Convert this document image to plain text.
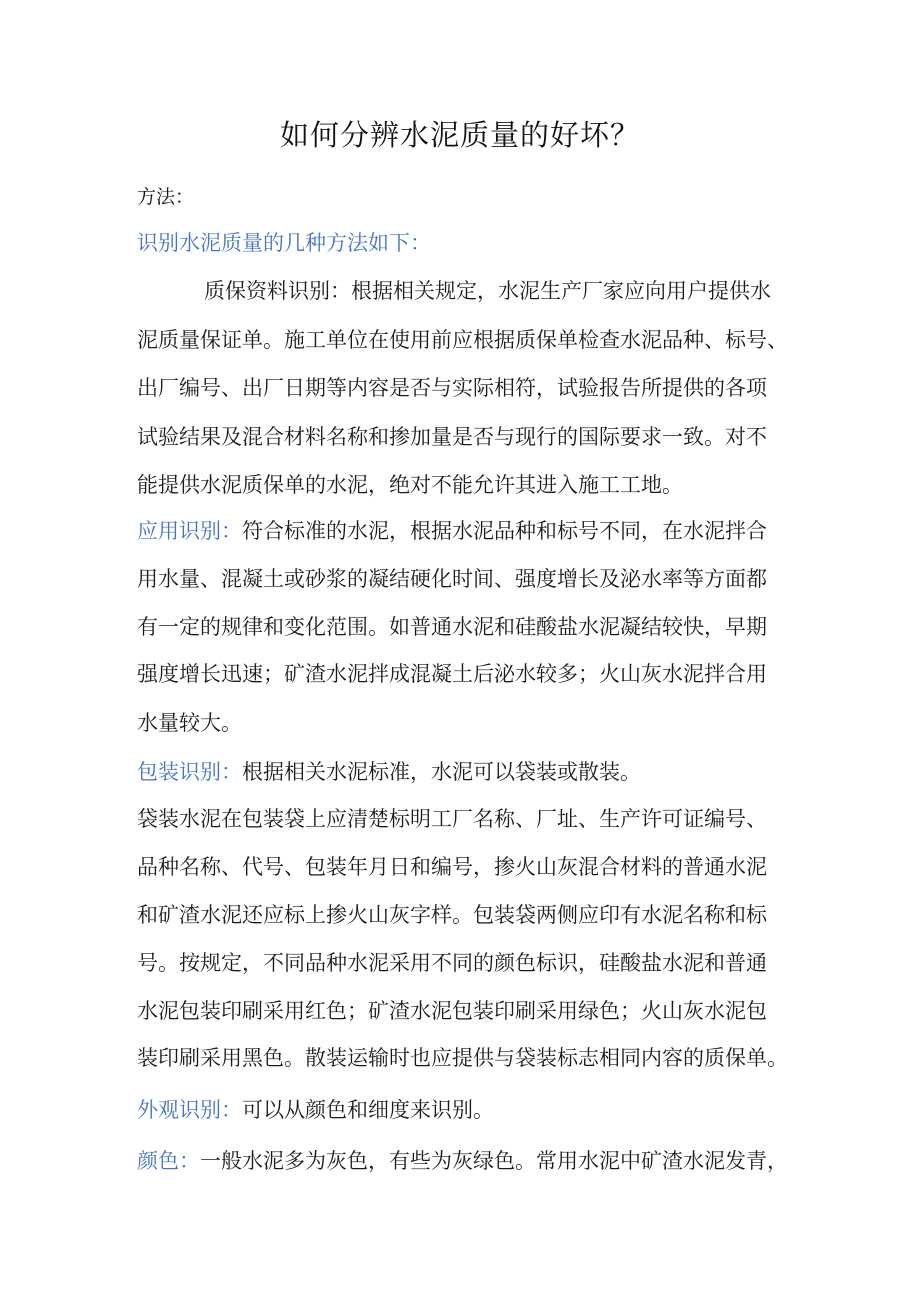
如何分辨水泥质量的好坏？
方法：
识别水泥质量的几种方法如下：
质保资料识别：根据相关规定，水泥生产厂家应向用户提供水
泥质量保证单。施工单位在使用前应根据质保单检查水泥品种、标号、
出厂编号、出厂日期等内容是否与实际相符，试验报告所提供的各项
试验结果及混合材料名称和掺加量是否与现行的国际要求一致。对不
能提供水泥质保单的水泥，绝对不能允许其进入施工工地。
应用识别：符合标准的水泥，根据水泥品种和标号不同，在水泥拌合
用水量、混凝土或砂浆的凝结硬化时间、强度增长及泌水率等方面都
有一定的规律和变化范围。如普通水泥和硅酸盐水泥凝结较快，早期
强度增长迅速；矿渣水泥拌成混凝土后泌水较多；火山灰水泥拌合用
水量较大。
包装识别：根据相关水泥标准，水泥可以袋装或散装。
袋装水泥在包装袋上应清楚标明工厂名称、厂址、生产许可证编号、
品种名称、代号、包装年月日和编号，掺火山灰混合材料的普通水泥
和矿渣水泥还应标上掺火山灰字样。包装袋两侧应印有水泥名称和标
号。按规定，不同品种水泥采用不同的颜色标识，硅酸盐水泥和普通
水泥包装印刷采用红色；矿渣水泥包装印刷采用绿色；火山灰水泥包
装印刷采用黑色。散装运输时也应提供与袋装标志相同内容的质保单。
外观识别：可以从颜色和细度来识别。
颜色：一般水泥多为灰色，有些为灰绿色。常用水泥中矿渣水泥发青，
